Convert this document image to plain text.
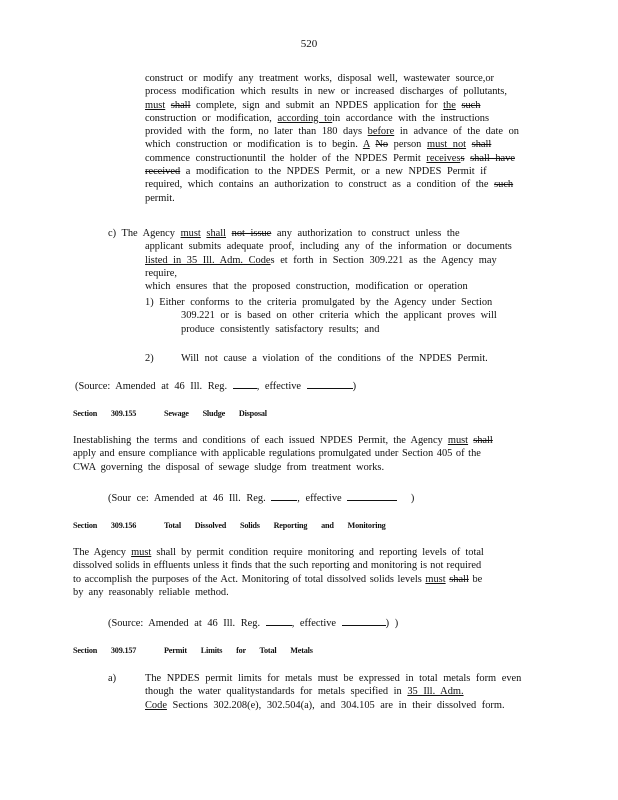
520
construct or modify any treatment works, disposal well, wastewater source,or
process modification which results in new or increased discharges of pollutants,
must shall complete, sign and submit an NPDES application for the such
construction or modification, according toin accordance with the instructions
provided with the form, no later than 180 days before in advance of the date on
which construction or modification is to begin. A No person must not shall
commence constructionuntil the holder of the NPDES Permit receivess shall have
received a modification to the NPDES Permit, or a new NPDES Permit if
required, which contains an authorization to construct as a condition of the such
permit.
c) The Agency must shall not issue any authorization to construct unless the
applicant submits adequate proof, including any of the information or documents
listed in 35 Ill. Adm. Codes et forth in Section 309.221 as the Agency may require,
which ensures that the proposed construction, modification or operation
1) Either conforms to the criteria promulgated by the Agency under Section
309.221 or is based on other criteria which the applicant proves will
produce consistently satisfactory results; and
2)	Will not cause a violation of the conditions of the NPDES Permit.
(Source: Amended at 46 Ill. Reg.	, effective	)
Section 309.155	Sewage Sludge Disposal
Inestablishing the terms and conditions of each issued NPDES Permit, the Agency must shall
apply and ensure compliance with applicable regulations promulgated under Section 405 of the
CWA governing the disposal of sewage sludge from treatment works.
(Sour ce: Amended at 46 Ill. Reg.	, effective	)
Section 309.156	Total Dissolved Solids Reporting and Monitoring
The Agency must shall by permit condition require monitoring and reporting levels of total
dissolved solids in effluents unless it finds that the such reporting and monitoring is not required
to accomplish the purposes of the Act. Monitoring of total dissolved solids levels must shall be
by any reasonably reliable method.
(Source: Amended at 46 Ill. Reg.	, effective	) )
Section 309.157	Permit Limits for Total Metals
a)	The NPDES permit limits for metals must be expressed in total metals form even
though the water qualitystandards for metals specified in 35 Ill. Adm.
Code Sections 302.208(e), 302.504(a), and 304.105 are in their dissolved form.
